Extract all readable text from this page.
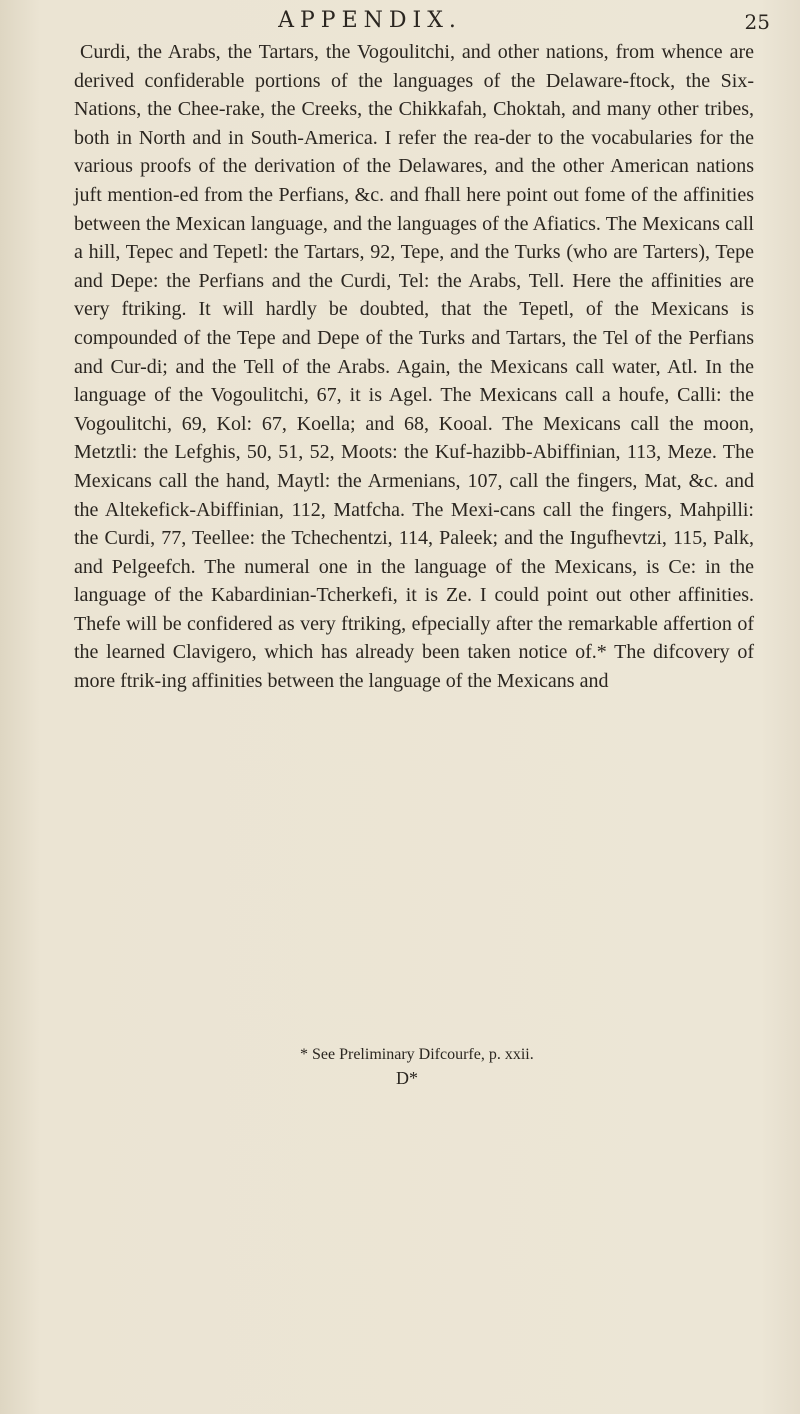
APPENDIX.	25
Curdi, the Arabs, the Tartars, the Vogoulitchi, and other nations, from whence are derived confiderable portions of the languages of the Delaware-ftock, the Six-Nations, the Chee-rake, the Creeks, the Chikkafah, Choktah, and many other tribes, both in North and in South-America. I refer the rea-der to the vocabularies for the various proofs of the derivation of the Delawares, and the other American nations juft mention-ed from the Perfians, &c. and fhall here point out fome of the affinities between the Mexican language, and the languages of the Afiatics. The Mexicans call a hill, Tepec and Tepetl: the Tartars, 92, Tepe, and the Turks (who are Tarters), Tepe and Depe: the Perfians and the Curdi, Tel: the Arabs, Tell. Here the affinities are very ftriking. It will hardly be doubted, that the Tepetl, of the Mexicans is compounded of the Tepe and Depe of the Turks and Tartars, the Tel of the Perfians and Cur-di; and the Tell of the Arabs. Again, the Mexicans call water, Atl. In the language of the Vogoulitchi, 67, it is Agel. The Mexicans call a houfe, Calli: the Vogoulitchi, 69, Kol: 67, Koella; and 68, Kooal. The Mexicans call the moon, Metztli: the Lefghis, 50, 51, 52, Moots: the Kuf-hazibb-Abiffinian, 113, Meze. The Mexicans call the hand, Maytl: the Armenians, 107, call the fingers, Mat, &c. and the Altekefick-Abiffinian, 112, Matfcha. The Mexi-cans call the fingers, Mahpilli: the Curdi, 77, Teellee: the Tchechentzi, 114, Paleek; and the Ingufhevtzi, 115, Palk, and Pelgeefch. The numeral one in the language of the Mexicans, is Ce: in the language of the Kabardinian-Tcherkefi, it is Ze. I could point out other affinities. Thefe will be confidered as very ftriking, efpecially after the remarkable affertion of the learned Clavigero, which has already been taken notice of.* The difcovery of more ftrik-ing affinities between the language of the Mexicans and
* See Preliminary Difcourfe, p. xxii.
D*
